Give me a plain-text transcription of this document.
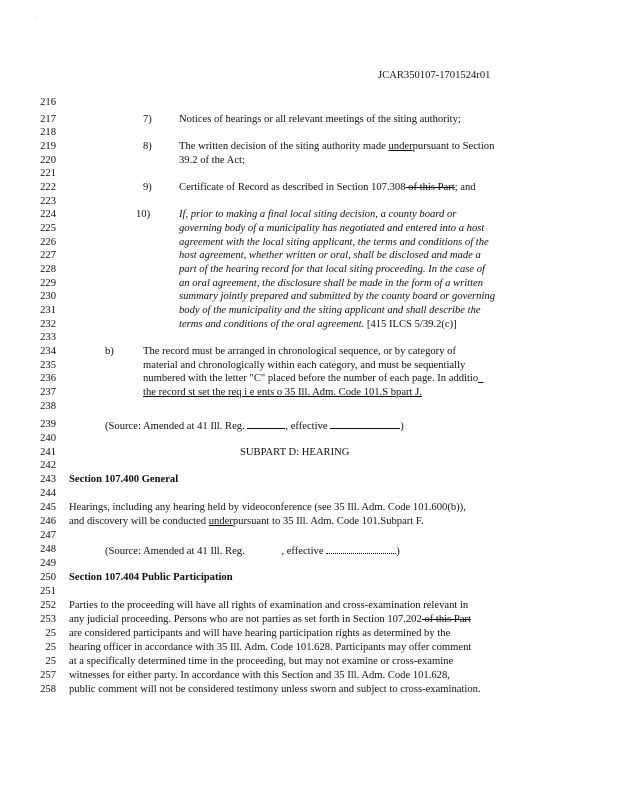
·
JCAR350107-1701524r01
216
217
218
219
220
221
222
223
224
225
226
227
228
229
230
231
232
233
234
235
236
237
238
239
240
241
242
243
244
245
246
247
248
249
250
251
252
253
25
25
25
257
258
7)	Notices of hearings or all relevant meetings of the siting authority;
8)	The written decision of the siting authority made underpursuant to Section
39.2 of the Act;
9)	Certificate of Record as described in Section 107.308 of this Part; and
10)	If, prior to making a final local siting decision, a county board or
governing body of a municipality has negotiated and entered into a host
agreement with the local siting applicant, the terms and conditions of the
host agreement, whether written or oral, shall be disclosed and made a
part of the hearing record for that local siting proceeding. In the case of
an oral agreement, the disclosure shall be made in the form of a written
summary jointly prepared and submitted by the county board or governing
body of the municipality and the siting applicant and shall describe the
terms and conditions of the oral agreement. [415 ILCS 5/39.2(c)]
b)	The record must be arranged in chronological sequence, or by category of
material and chronologically within each category, and must be sequentially
numbered with the letter "C" placed before the number of each page. In additio
the record st set the req i e ents o 35 Ill. Adm. Code 101.S bpart J.
(Source: Amended at 41 Ill. Reg.	, effective	)
SUBPART D: HEARING
Section 107.400 General
Hearings, including any hearing held by videoconference (see 35 Ill. Adm. Code 101.600(b)),
and discovery will be conducted underpursuant to 35 Ill. Adm. Code 101.Subpart F.
(Source: Amended at 41 Ill. Reg.	, effective	)
Section 107.404 Public Participation
Parties to the proceeding will have all rights of examination and cross-examination relevant in
any judicial proceeding. Persons who are not parties as set forth in Section 107.202 of this Part
are considered participants and will have hearing participation rights as determined by the
hearing officer in accordance with 35 Ill. Adm. Code 101.628. Participants may offer comment
at a specifically determined time in the proceeding, but may not examine or cross-examine
witnesses for either party. In accordance with this Section and 35 Ill. Adm. Code 101.628,
public comment will not be considered testimony unless sworn and subject to cross-examination.
